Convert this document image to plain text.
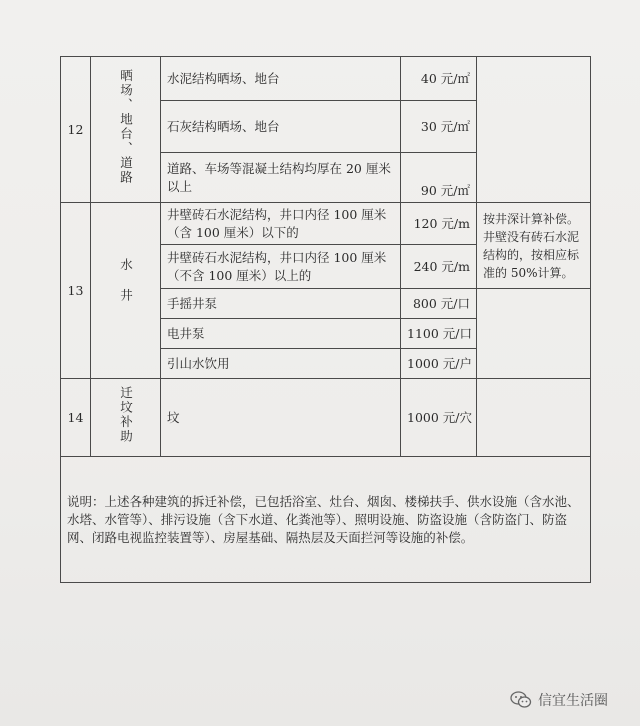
12	晒场、地台、道路	水泥结构晒场、地台	40 元/㎡	
		石灰结构晒场、地台	30 元/㎡	
		道路、车场等混凝土结构均厚在 20 厘米以上	90 元/㎡	
13	水井	井壁砖石水泥结构，井口内径 100 厘米（含 100 厘米）以下的	120 元/m	按井深计算补偿。井壁没有砖石水泥结构的，按相应标准的 50%计算。
		井壁砖石水泥结构，井口内径 100 厘米（不含 100 厘米）以上的	240 元/m	
		手摇井泵	800 元/口	
		电井泵	1100 元/口	
		引山水饮用	1000 元/户	
14	迁坟补助	坟	1000 元/穴	
说明：上述各种建筑的拆迁补偿，已包括浴室、灶台、烟囱、楼梯扶手、供水设施（含水池、水塔、水管等）、排污设施（含下水道、化粪池等）、照明设施、防盗设施（含防盗门、防盗网、闭路电视监控装置等）、房屋基础、隔热层及天面拦河等设施的补偿。				
信宜生活圈
